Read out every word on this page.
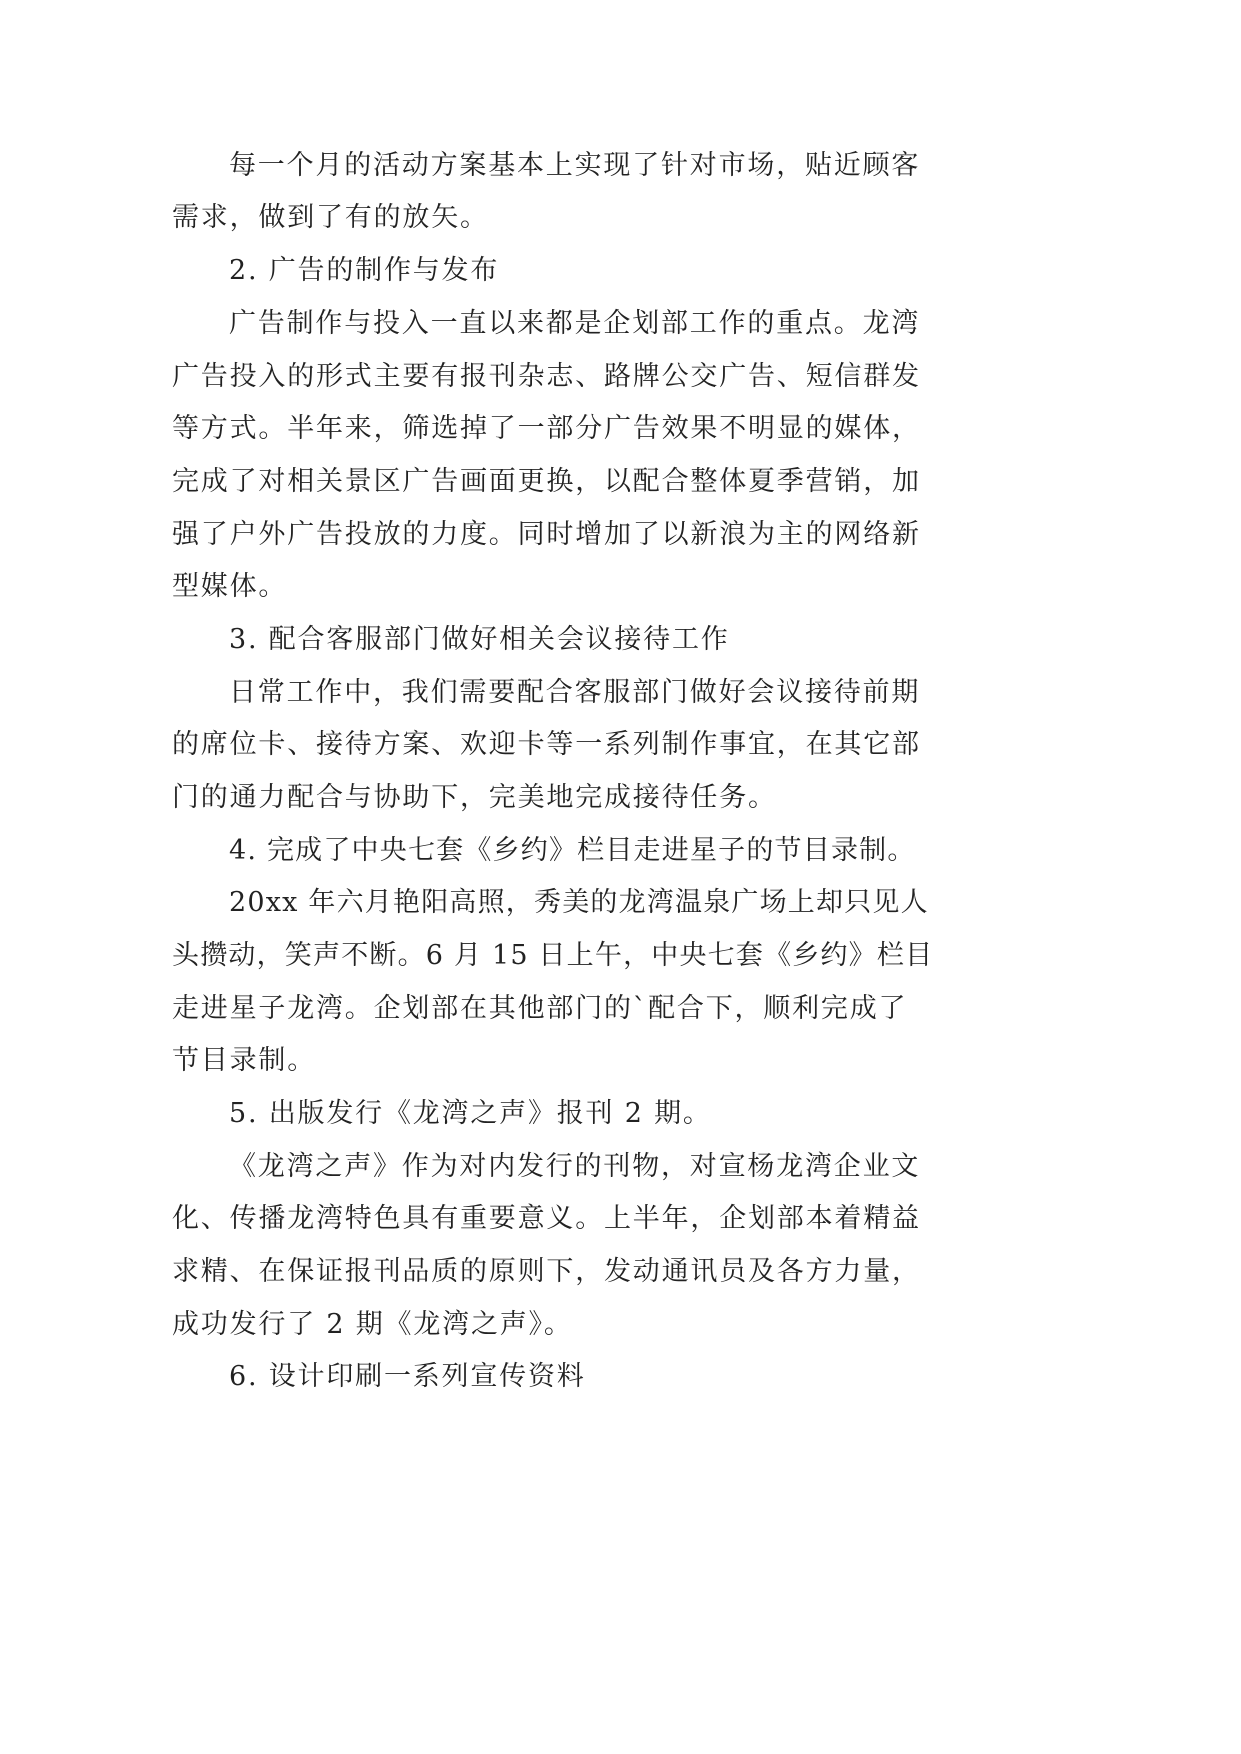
每一个月的活动方案基本上实现了针对市场，贴近顾客
需求，做到了有的放矢。
2. 广告的制作与发布
广告制作与投入一直以来都是企划部工作的重点。龙湾
广告投入的形式主要有报刊杂志、路牌公交广告、短信群发
等方式。半年来，筛选掉了一部分广告效果不明显的媒体，
完成了对相关景区广告画面更换，以配合整体夏季营销，加
强了户外广告投放的力度。同时增加了以新浪为主的网络新
型媒体。
3. 配合客服部门做好相关会议接待工作
日常工作中，我们需要配合客服部门做好会议接待前期
的席位卡、接待方案、欢迎卡等一系列制作事宜，在其它部
门的通力配合与协助下，完美地完成接待任务。
4. 完成了中央七套《乡约》栏目走进星子的节目录制。
20xx 年六月艳阳高照，秀美的龙湾温泉广场上却只见人
头攒动，笑声不断。6 月 15 日上午，中央七套《乡约》栏目
走进星子龙湾。企划部在其他部门的`配合下，顺利完成了
节目录制。
5. 出版发行《龙湾之声》报刊 2 期。
《龙湾之声》作为对内发行的刊物，对宣杨龙湾企业文
化、传播龙湾特色具有重要意义。上半年，企划部本着精益
求精、在保证报刊品质的原则下，发动通讯员及各方力量，
成功发行了 2 期《龙湾之声》。
6. 设计印刷一系列宣传资料
